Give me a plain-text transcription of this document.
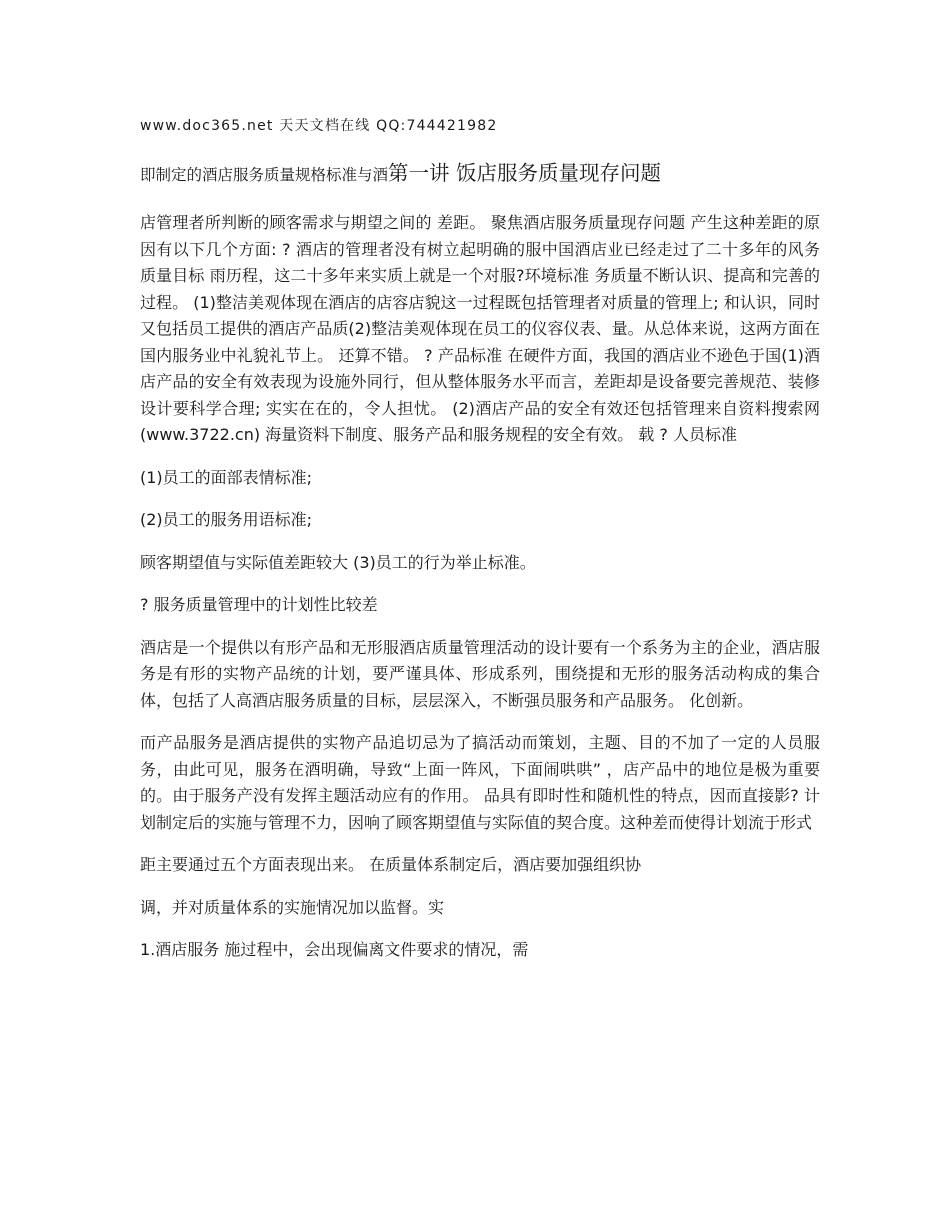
www.doc365.net 天天文档在线 QQ:744421982
即制定的酒店服务质量规格标准与酒第一讲 饭店服务质量现存问题

店管理者所判断的顾客需求与期望之间的 差距。 聚焦酒店服务质量现存问题 产生这种差距的原因有以下几个方面: ? 酒店的管理者没有树立起明确的服中国酒店业已经走过了二十多年的风务质量目标 雨历程，这二十多年来实质上就是一个对服?环境标准 务质量不断认识、提高和完善的过程。 (1)整洁美观体现在酒店的店容店貌这一过程既包括管理者对质量的管理上; 和认识，同时又包括员工提供的酒店产品质(2)整洁美观体现在员工的仪容仪表、量。从总体来说，这两方面在国内服务业中礼貌礼节上。 还算不错。 ? 产品标准 在硬件方面，我国的酒店业不逊色于国(1)酒店产品的安全有效表现为设施外同行，但从整体服务水平而言，差距却是设备要完善规范、装修设计要科学合理; 实实在在的，令人担忧。 (2)酒店产品的安全有效还包括管理来自资料搜索网(www.3722.cn) 海量资料下制度、服务产品和服务规程的安全有效。 载 ? 人员标准

(1)员工的面部表情标准;

(2)员工的服务用语标准;

顾客期望值与实际值差距较大 (3)员工的行为举止标准。

? 服务质量管理中的计划性比较差

酒店是一个提供以有形产品和无形服酒店质量管理活动的设计要有一个系务为主的企业，酒店服务是有形的实物产品统的计划，要严谨具体、形成系列，围绕提和无形的服务活动构成的集合体，包括了人高酒店服务质量的目标，层层深入，不断强员服务和产品服务。 化创新。

而产品服务是酒店提供的实物产品追切忌为了搞活动而策划，主题、目的不加了一定的人员服务，由此可见，服务在酒明确，导致“上面一阵风，下面闹哄哄” ，店产品中的地位是极为重要的。由于服务产没有发挥主题活动应有的作用。 品具有即时性和随机性的特点，因而直接影? 计划制定后的实施与管理不力，因响了顾客期望值与实际值的契合度。这种差而使得计划流于形式

距主要通过五个方面表现出来。 在质量体系制定后，酒店要加强组织协

调，并对质量体系的实施情况加以监督。实

1.酒店服务 施过程中，会出现偏离文件要求的情况，需
